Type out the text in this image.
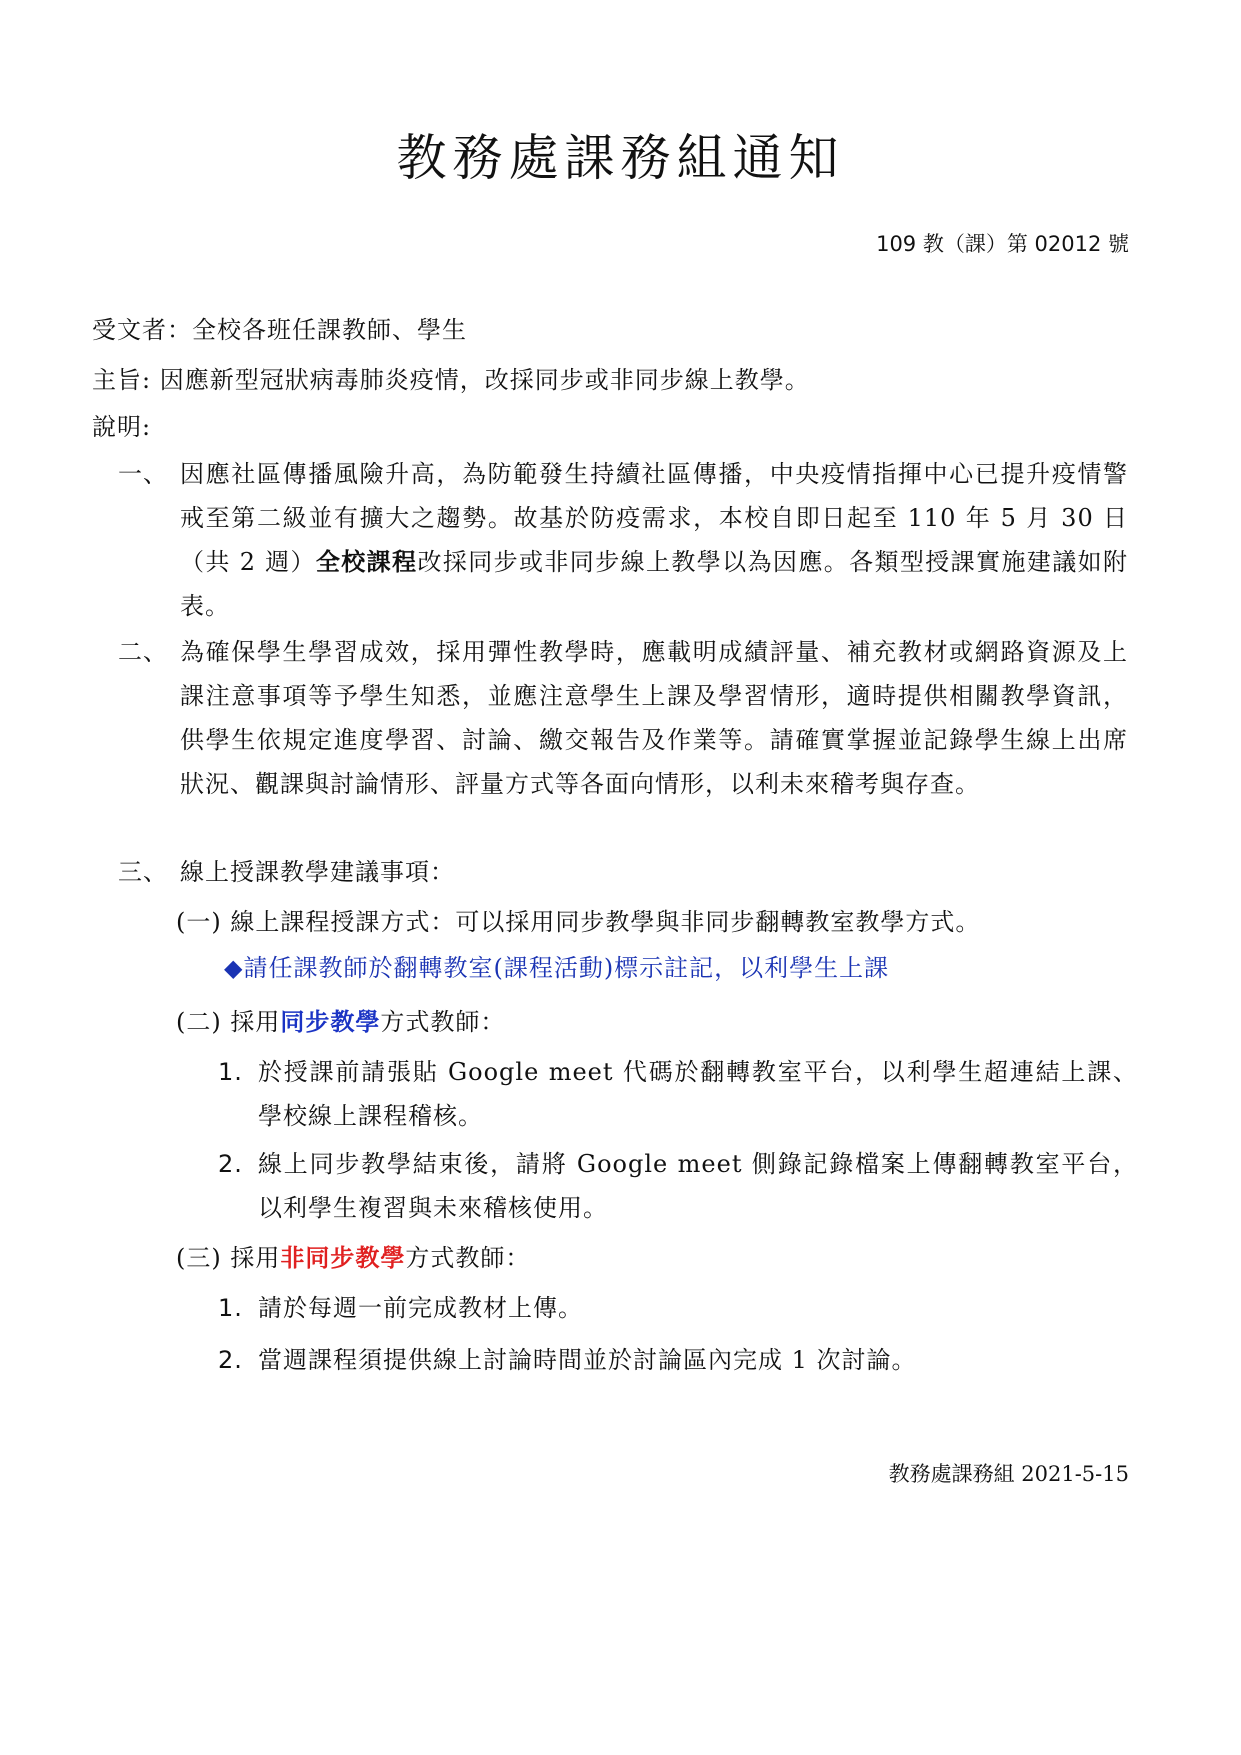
教務處課務組通知
109 教（課）第 02012 號
受文者：全校各班任課教師、學生
主旨: 因應新型冠狀病毒肺炎疫情，改採同步或非同步線上教學。
說明:
一、 因應社區傳播風險升高，為防範發生持續社區傳播，中央疫情指揮中心已提升疫情警戒至第二級並有擴大之趨勢。故基於防疫需求，本校自即日起至 110 年 5 月 30 日（共 2 週）全校課程改採同步或非同步線上教學以為因應。各類型授課實施建議如附表。
二、 為確保學生學習成效，採用彈性教學時，應載明成績評量、補充教材或網路資源及上課注意事項等予學生知悉，並應注意學生上課及學習情形，適時提供相關教學資訊，供學生依規定進度學習、討論、繳交報告及作業等。請確實掌握並記錄學生線上出席狀況、觀課與討論情形、評量方式等各面向情形，以利未來稽考與存查。
三、 線上授課教學建議事項：
(一) 線上課程授課方式：可以採用同步教學與非同步翻轉教室教學方式。
◆請任課教師於翻轉教室(課程活動)標示註記，以利學生上課
(二) 採用同步教學方式教師：
1. 於授課前請張貼 Google meet 代碼於翻轉教室平台，以利學生超連結上課、學校線上課程稽核。
2. 線上同步教學結束後，請將 Google meet 側錄記錄檔案上傳翻轉教室平台，以利學生複習與未來稽核使用。
(三) 採用非同步教學方式教師：
1. 請於每週一前完成教材上傳。
2. 當週課程須提供線上討論時間並於討論區內完成 1 次討論。
教務處課務組 2021-5-15
